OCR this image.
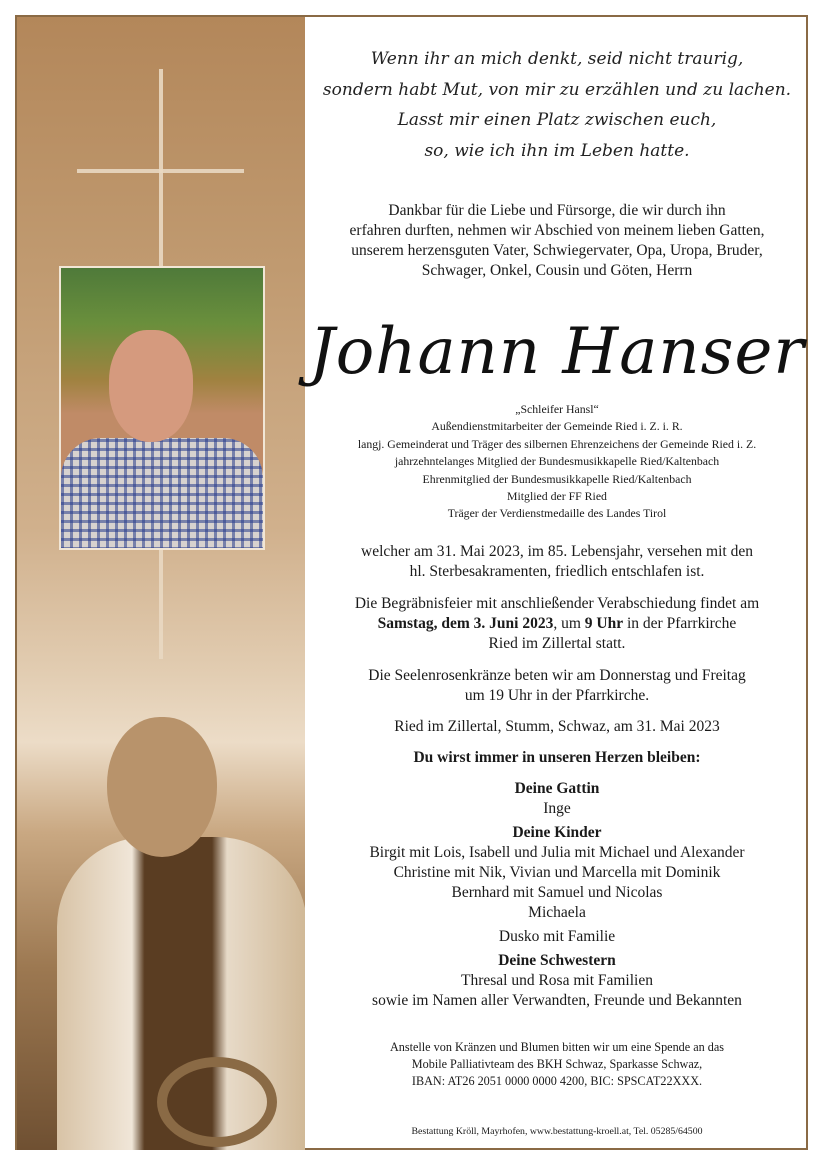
Wenn ihr an mich denkt, seid nicht traurig,
sondern habt Mut, von mir zu erzählen und zu lachen.
Lasst mir einen Platz zwischen euch,
so, wie ich ihn im Leben hatte.
Dankbar für die Liebe und Fürsorge, die wir durch ihn
erfahren durften, nehmen wir Abschied von meinem lieben Gatten,
unserem herzensguten Vater, Schwiegervater, Opa, Uropa, Bruder,
Schwager, Onkel, Cousin und Göten, Herrn
Johann Hanser
„Schleifer Hansl“
Außendienstmitarbeiter der Gemeinde Ried i. Z. i. R.
langj. Gemeinderat und Träger des silbernen Ehrenzeichens der Gemeinde Ried i. Z.
jahrzehntelanges Mitglied der Bundesmusikkapelle Ried/Kaltenbach
Ehrenmitglied der Bundesmusikkapelle Ried/Kaltenbach
Mitglied der FF Ried
Träger der Verdienstmedaille des Landes Tirol
welcher am 31. Mai 2023, im 85. Lebensjahr, versehen mit den
hl. Sterbesakramenten, friedlich entschlafen ist.
Die Begräbnisfeier mit anschließender Verabschiedung findet am
Samstag, dem 3. Juni 2023, um 9 Uhr in der Pfarrkirche
Ried im Zillertal statt.
Die Seelenrosenkränze beten wir am Donnerstag und Freitag
um 19 Uhr in der Pfarrkirche.
Ried im Zillertal, Stumm, Schwaz, am 31. Mai 2023
Du wirst immer in unseren Herzen bleiben:
Deine Gattin
Inge
Deine Kinder
Birgit mit Lois, Isabell und Julia mit Michael und Alexander
Christine mit Nik, Vivian und Marcella mit Dominik
Bernhard mit Samuel und Nicolas
Michaela
Dusko mit Familie
Deine Schwestern
Thresal und Rosa mit Familien
sowie im Namen aller Verwandten, Freunde und Bekannten
Anstelle von Kränzen und Blumen bitten wir um eine Spende an das
Mobile Palliativteam des BKH Schwaz, Sparkasse Schwaz,
IBAN: AT26 2051 0000 0000 4200, BIC: SPSCAT22XXX.
Bestattung Kröll, Mayrhofen, www.bestattung-kroell.at, Tel. 05285/64500
